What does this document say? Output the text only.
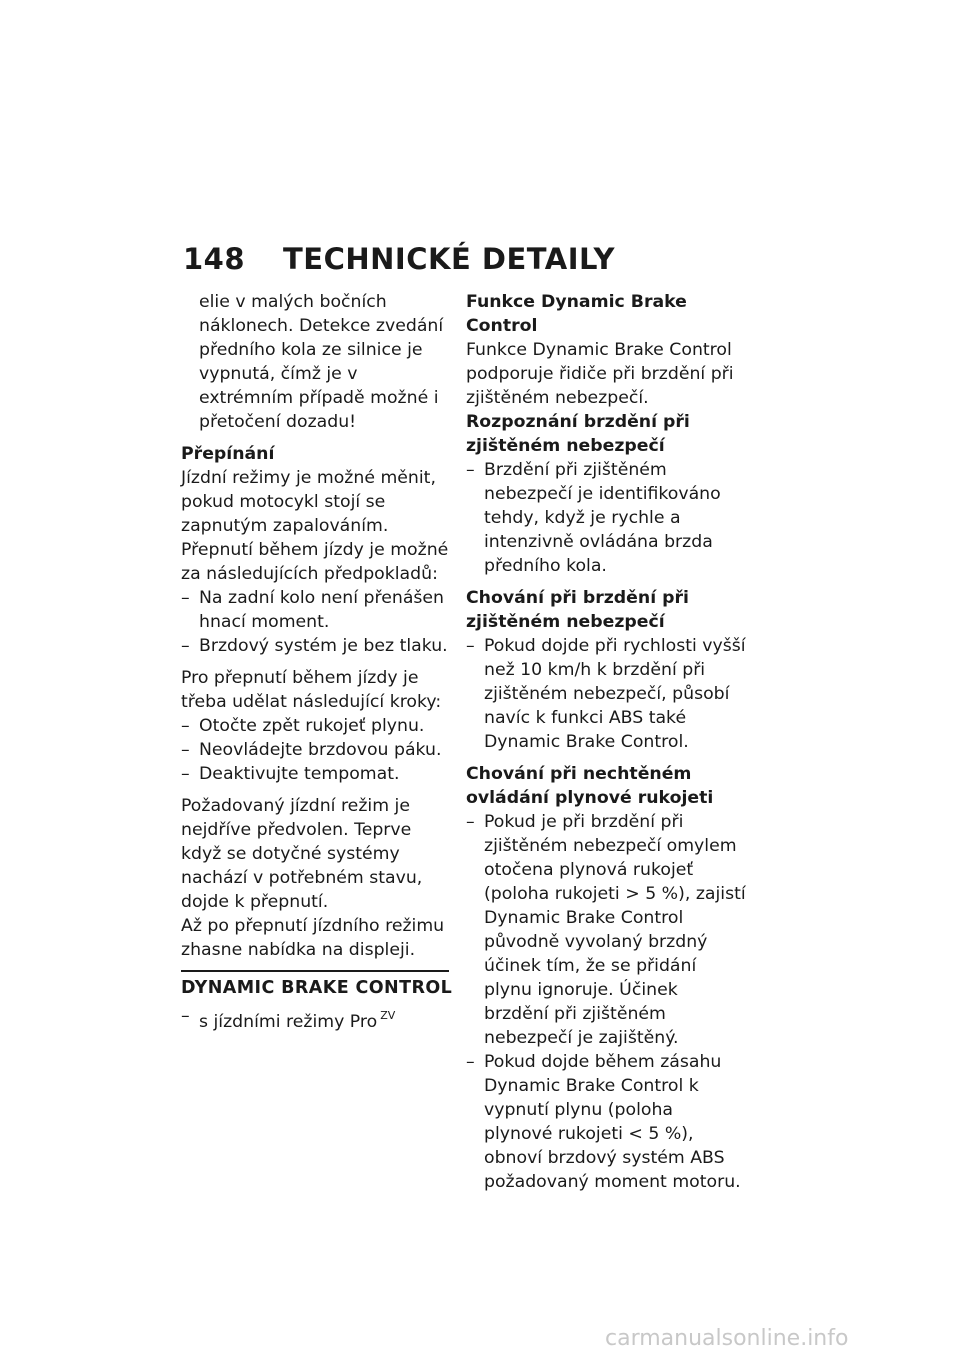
148 TECHNICKÉ DETAILY

elie v malých bočních náklonech. Detekce zvedání předního kola ze silnice je vypnutá, čímž je v extrémním případě možné i přetočení dozadu!

Přepínání

Jízdní režimy je možné měnit, pokud motocykl stojí se zapnutým zapalováním. Přepnutí během jízdy je možné za následujících předpokladů:

– Na zadní kolo není přenášen hnací moment.
– Brzdový systém je bez tlaku.

Pro přepnutí během jízdy je třeba udělat následující kroky:

– Otočte zpět rukojeť plynu.
– Neovládejte brzdovou páku.
– Deaktivujte tempomat.

Požadovaný jízdní režim je nejdříve předvolen. Teprve když se dotyčné systémy nachází v potřebném stavu, dojde k přepnutí.

Až po přepnutí jízdního režimu zhasne nabídka na displeji.

DYNAMIC BRAKE CONTROL

– s jízdními režimy Pro $^{ZV}$

Funkce Dynamic Brake Control

Funkce Dynamic Brake Control podporuje řidiče při brzdění při zjištěném nebezpečí.

Rozpoznání brzdění při zjištěném nebezpečí

– Brzdění při zjištěném nebezpečí je identifikováno tehdy, když je rychle a intenzivně ovládána brzda předního kola.

Chování při brzdění při zjištěném nebezpečí

– Pokud dojde při rychlosti vyšší než 10 km/h k brzdění při zjištěném nebezpečí, působí navíc k funkci ABS také Dynamic Brake Control.

Chování při nechtěném ovládání plynové rukojeti

– Pokud je při brzdění při zjištěném nebezpečí omylem otočena plynová rukojeť (poloha rukojeti > 5 %), zajistí Dynamic Brake Control původně vyvolaný brzdný účinek tím, že se přidání plynu ignoruje. Účinek brzdění při zjištěném nebezpečí je zajištěný.
– Pokud dojde během zásahu Dynamic Brake Control k vypnutí plynu (poloha plynové rukojeti < 5 %), obnoví brzdový systém ABS požadovaný moment motoru.
carmanualsonline.info
